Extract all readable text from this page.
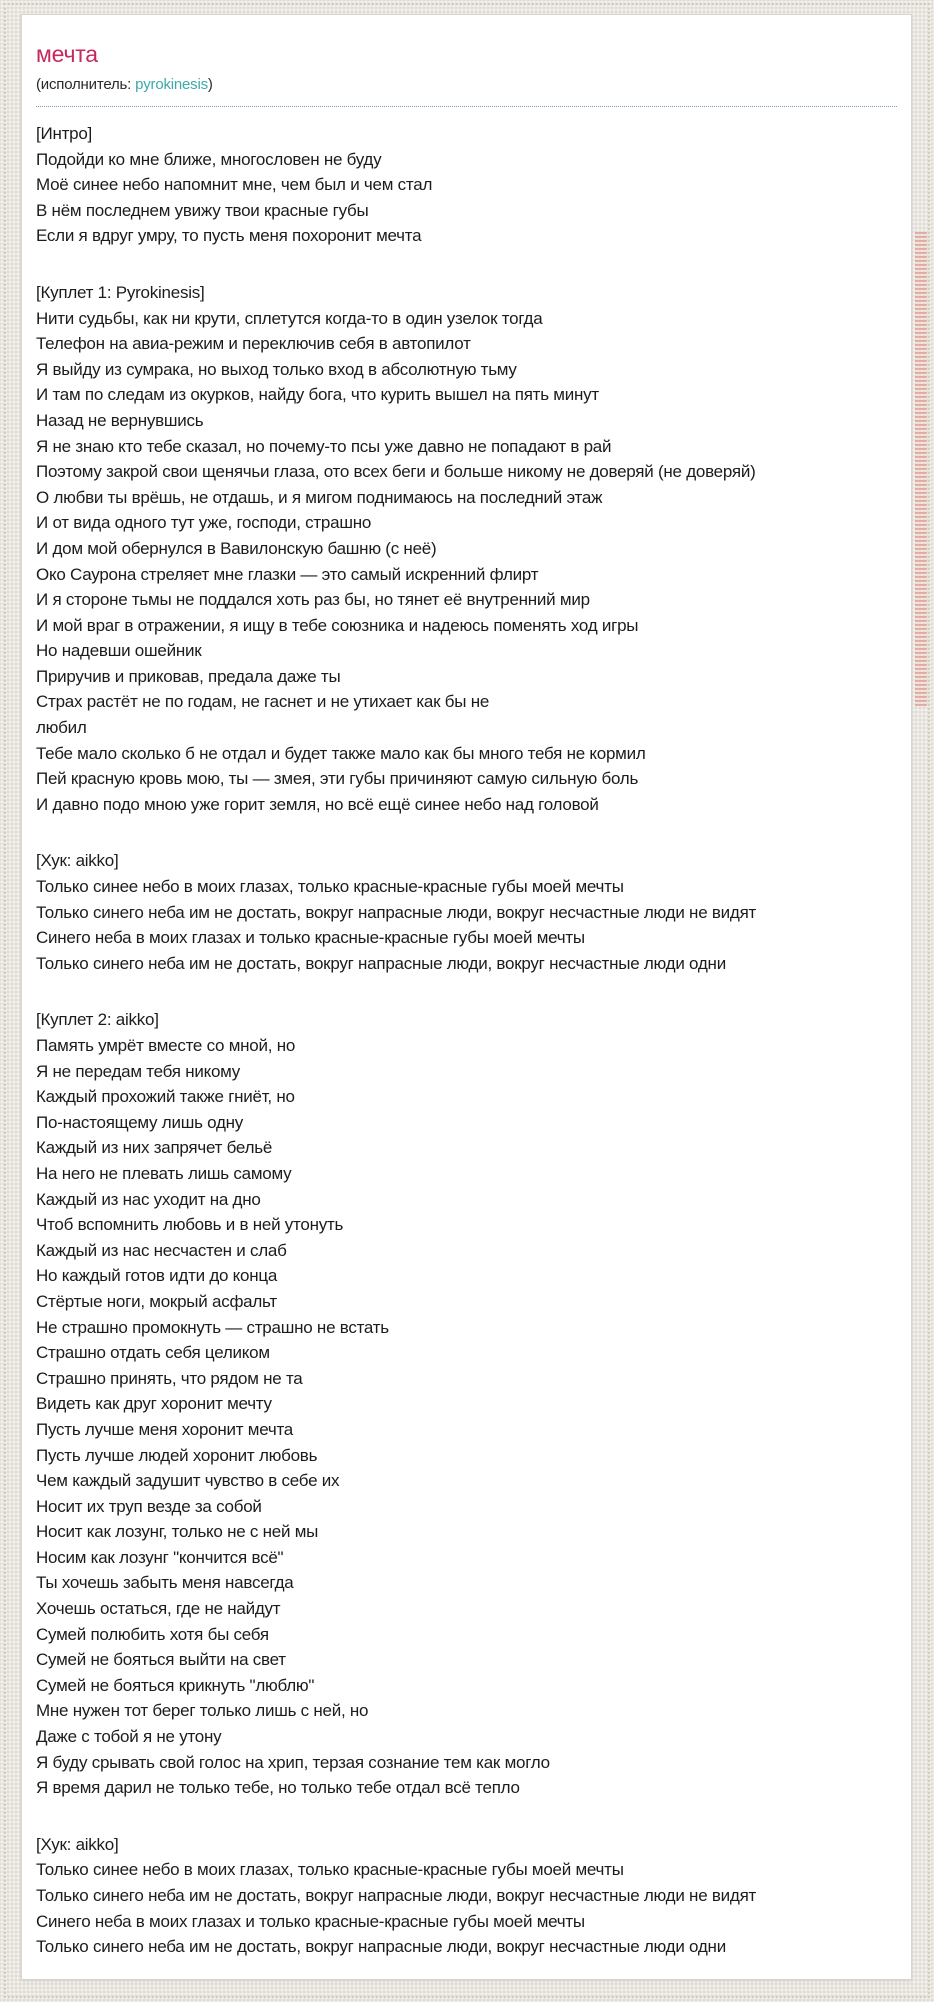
мечта
(исполнитель: pyrokinesis)
[Интро]
Подойди ко мне ближе, многословен не буду
Моё синее небо напомнит мне, чем был и чем стал
В нём последнем увижу твои красные губы
Если я вдруг умру, то пусть меня похоронит мечта
[Куплет 1: Pyrokinesis]
Нити судьбы, как ни крути, сплетутся когда-то в один узелок тогда
Телефон на авиа-режим и переключив себя в автопилот
Я выйду из сумрака, но выход только вход в абсолютную тьму
И там по следам из окурков, найду бога, что курить вышел на пять минут
Назад не вернувшись
Я не знаю кто тебе сказал, но почему-то псы уже давно не попадают в рай
Поэтому закрой свои щенячьи глаза, ото всех беги и больше никому не доверяй (не доверяй)
О любви ты врёшь, не отдашь, и я мигом поднимаюсь на последний этаж
И от вида одного тут уже, господи, страшно
И дом мой обернулся в Вавилонскую башню (с неё)
Око Саурона стреляет мне глазки — это самый искренний флирт
И я стороне тьмы не поддался хоть раз бы, но тянет её внутренний мир
И мой враг в отражении, я ищу в тебе союзника и надеюсь поменять ход игры
Но надевши ошейник
Приручив и приковав, предала даже ты
Страх растёт не по годам, не гаснет и не утихает как бы не
любил
Тебе мало сколько б не отдал и будет также мало как бы много тебя не кормил
Пей красную кровь мою, ты — змея, эти губы причиняют самую сильную боль
И давно подо мною уже горит земля, но всё ещё синее небо над головой
[Хук: aikko]
Только синее небо в моих глазах, только красные-красные губы моей мечты
Только синего неба им не достать, вокруг напрасные люди, вокруг несчастные люди не видят
Синего неба в моих глазах и только красные-красные губы моей мечты
Только синего неба им не достать, вокруг напрасные люди, вокруг несчастные люди одни
[Куплет 2: aikko]
Память умрёт вместе со мной, но
Я не передам тебя никому
Каждый прохожий также гниёт, но
По-настоящему лишь одну
Каждый из них запрячет бельё
На него не плевать лишь самому
Каждый из нас уходит на дно
Чтоб вспомнить любовь и в ней утонуть
Каждый из нас несчастен и слаб
Но каждый готов идти до конца
Стёртые ноги, мокрый асфальт
Не страшно промокнуть — страшно не встать
Страшно отдать себя целиком
Страшно принять, что рядом не та
Видеть как друг хоронит мечту
Пусть лучше меня хоронит мечта
Пусть лучше людей хоронит любовь
Чем каждый задушит чувство в себе их
Носит их труп везде за собой
Носит как лозунг, только не с ней мы
Носим как лозунг "кончится всё"
Ты хочешь забыть меня навсегда
Хочешь остаться, где не найдут
Сумей полюбить хотя бы себя
Сумей не бояться выйти на свет
Сумей не бояться крикнуть "люблю"
Мне нужен тот берег только лишь с ней, но
Даже с тобой я не утону
Я буду срывать свой голос на хрип, терзая сознание тем как могло
Я время дарил не только тебе, но только тебе отдал всё тепло
[Хук: aikko]
Только синее небо в моих глазах, только красные-красные губы моей мечты
Только синего неба им не достать, вокруг напрасные люди, вокруг несчастные люди не видят
Синего неба в моих глазах и только красные-красные губы моей мечты
Только синего неба им не достать, вокруг напрасные люди, вокруг несчастные люди одни
